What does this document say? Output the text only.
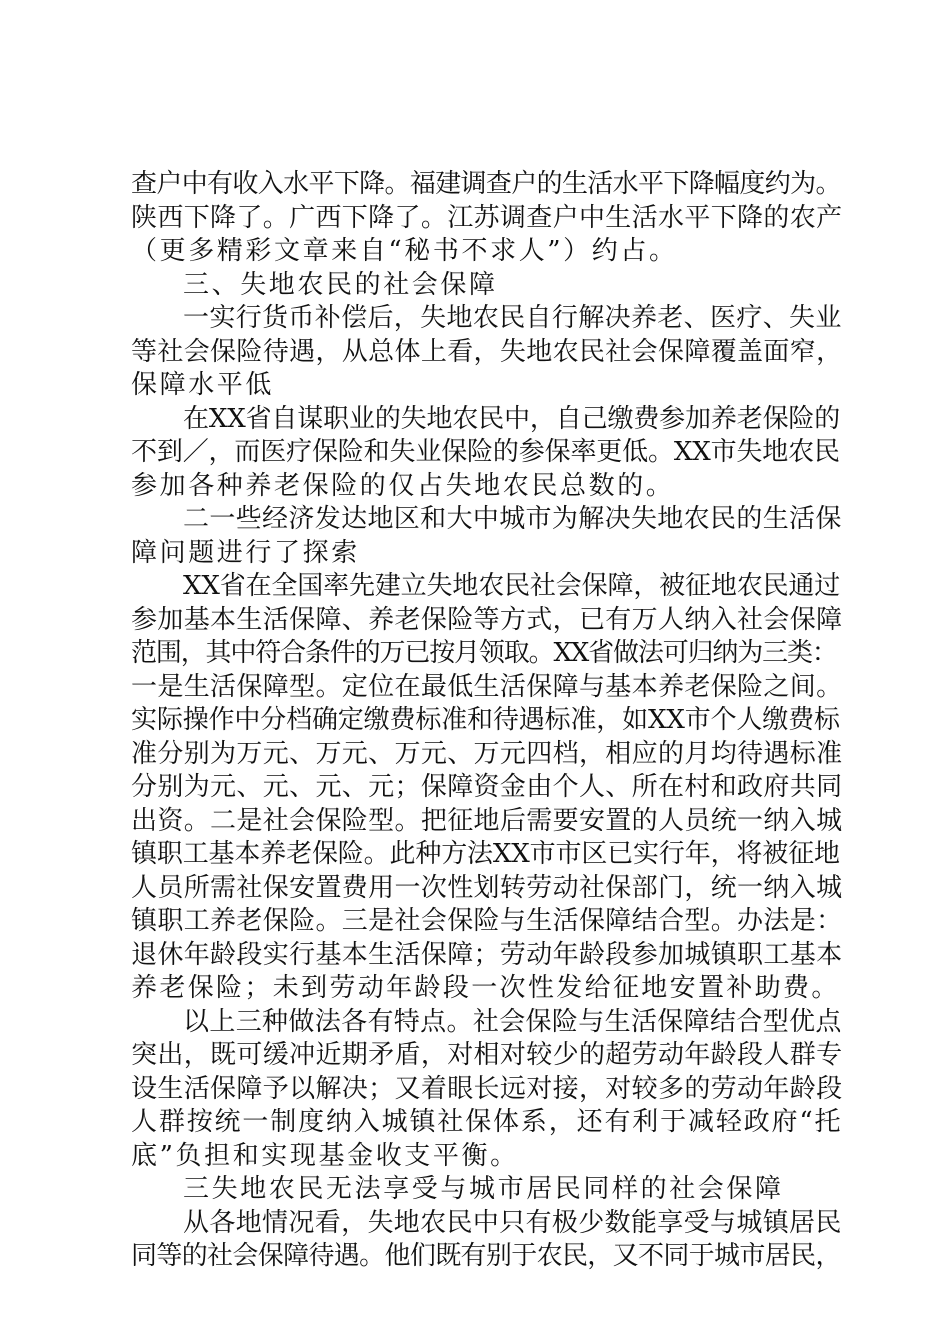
查户中有收入水平下降。福建调查户的生活水平下降幅度约为。
陕西下降了。广西下降了。江苏调查户中生活水平下降的农产
（更多精彩文章来自“秘书不求人”）约占。
三、失地农民的社会保障
一实行货币补偿后，失地农民自行解决养老、医疗、失业
等社会保险待遇，从总体上看，失地农民社会保障覆盖面窄，
保障水平低
在XX省自谋职业的失地农民中，自己缴费参加养老保险的
不到／，而医疗保险和失业保险的参保率更低。XX市失地农民
参加各种养老保险的仅占失地农民总数的。
二一些经济发达地区和大中城市为解决失地农民的生活保
障问题进行了探索
XX省在全国率先建立失地农民社会保障，被征地农民通过
参加基本生活保障、养老保险等方式，已有万人纳入社会保障
范围，其中符合条件的万已按月领取。XX省做法可归纳为三类：
一是生活保障型。定位在最低生活保障与基本养老保险之间。
实际操作中分档确定缴费标准和待遇标准，如XX市个人缴费标
准分别为万元、万元、万元、万元四档，相应的月均待遇标准
分别为元、元、元、元；保障资金由个人、所在村和政府共同
出资。二是社会保险型。把征地后需要安置的人员统一纳入城
镇职工基本养老保险。此种方法XX市市区已实行年，将被征地
人员所需社保安置费用一次性划转劳动社保部门，统一纳入城
镇职工养老保险。三是社会保险与生活保障结合型。办法是：
退休年龄段实行基本生活保障；劳动年龄段参加城镇职工基本
养老保险；未到劳动年龄段一次性发给征地安置补助费。
以上三种做法各有特点。社会保险与生活保障结合型优点
突出，既可缓冲近期矛盾，对相对较少的超劳动年龄段人群专
设生活保障予以解决；又着眼长远对接，对较多的劳动年龄段
人群按统一制度纳入城镇社保体系，还有利于减轻政府“托
底”负担和实现基金收支平衡。
三失地农民无法享受与城市居民同样的社会保障
从各地情况看，失地农民中只有极少数能享受与城镇居民
同等的社会保障待遇。他们既有别于农民，又不同于城市居民，
